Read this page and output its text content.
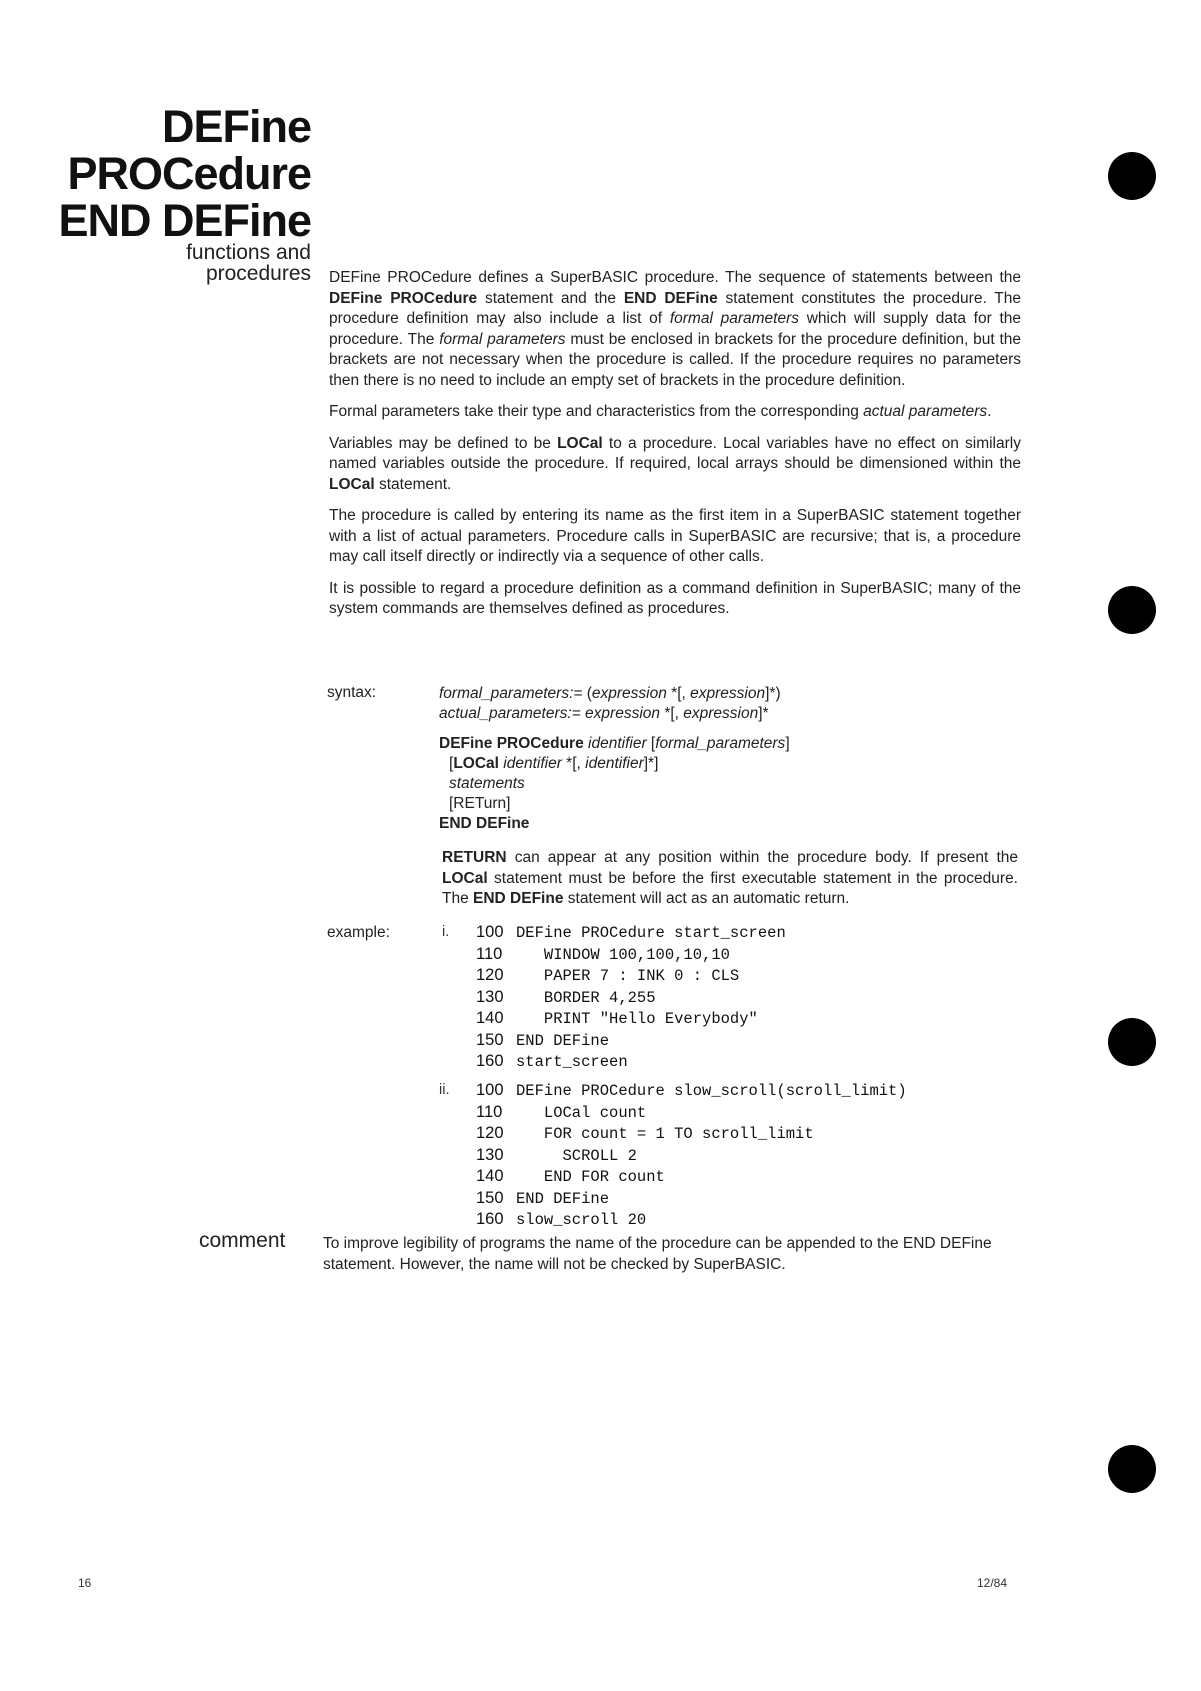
DEFine
PROCedure
END DEFine
functions and
procedures DEFine PROCedure defines a SuperBASIC procedure. The sequence of statements between the DEFine PROCedure statement and the END DEFine statement constitutes the procedure. The procedure definition may also include a list of formal parameters which will supply data for the procedure. The formal parameters must be enclosed in brackets for the procedure definition, but the brackets are not necessary when the procedure is called. If the procedure requires no parameters then there is no need to include an empty set of brackets in the procedure definition.

Formal parameters take their type and characteristics from the corresponding actual parameters.

Variables may be defined to be LOCal to a procedure. Local variables have no effect on similarly named variables outside the procedure. If required, local arrays should be dimensioned within the LOCal statement.

The procedure is called by entering its name as the first item in a SuperBASIC statement together with a list of actual parameters. Procedure calls in SuperBASIC are recursive; that is, a procedure may call itself directly or indirectly via a sequence of other calls.

It is possible to regard a procedure definition as a command definition in SuperBASIC; many of the system commands are themselves defined as procedures.

syntax:	formal_parameters:= (expression *[, expression]*)
actual_parameters:= expression *[, expression]*
DEFine PROCedure identifier [formal_parameters]
[LOCal identifier *[, identifier]*]
statements
[RETurn]
END DEFine
RETURN can appear at any position within the procedure body. If present the LOCal statement must be before the first executable statement in the procedure. The END DEFine statement will act as an automatic return.
example:	i. 100 DEFine PROCedure start_screen
110   WINDOW 100,100,10,10
120   PAPER 7 : INK 0 : CLS
130   BORDER 4,255
140   PRINT "Hello Everybody"
150 END DEFine
160 start_screen
ii. 100 DEFine PROCedure slow_scroll(scroll_limit)
110   LOCal count
120   FOR count = 1 TO scroll_limit
130     SCROLL 2
140   END FOR count
150 END DEFine
160 slow_scroll 20
comment To improve legibility of programs the name of the procedure can be appended to the END DEFine statement. However, the name will not be checked by SuperBASIC.
16	12/84
